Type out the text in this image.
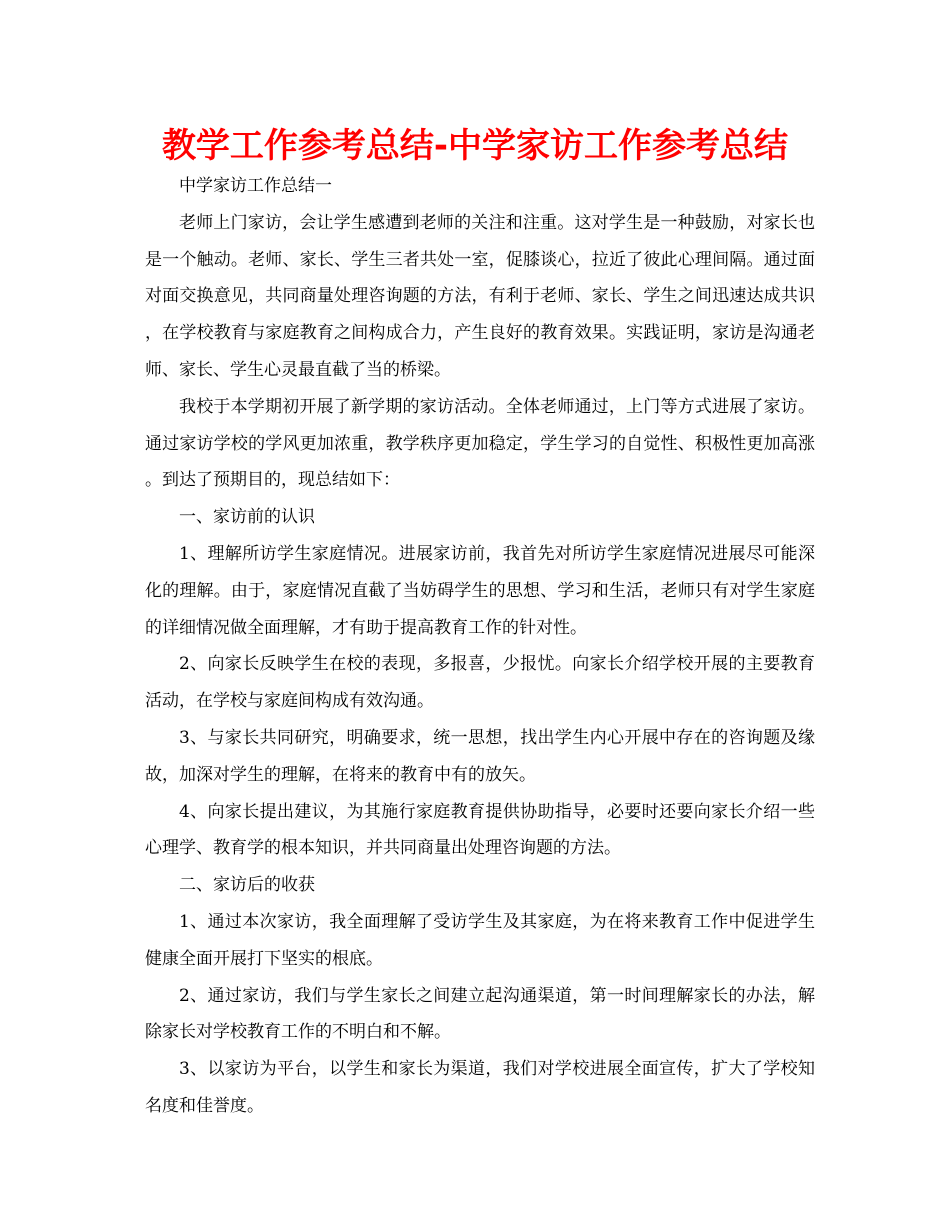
教学工作参考总结-中学家访工作参考总结

中学家访工作总结一

老师上门家访，会让学生感遭到老师的关注和注重。这对学生是一种鼓励，对家长也是一个触动。老师、家长、学生三者共处一室，促膝谈心，拉近了彼此心理间隔。通过面对面交换意见，共同商量处理咨询题的方法，有利于老师、家长、学生之间迅速达成共识，在学校教育与家庭教育之间构成合力，产生良好的教育效果。实践证明，家访是沟通老师、家长、学生心灵最直截了当的桥梁。

我校于本学期初开展了新学期的家访活动。全体老师通过，上门等方式进展了家访。通过家访学校的学风更加浓重，教学秩序更加稳定，学生学习的自觉性、积极性更加高涨。到达了预期目的，现总结如下：

一、家访前的认识

1、理解所访学生家庭情况。进展家访前，我首先对所访学生家庭情况进展尽可能深化的理解。由于，家庭情况直截了当妨碍学生的思想、学习和生活，老师只有对学生家庭的详细情况做全面理解，才有助于提高教育工作的针对性。

2、向家长反映学生在校的表现，多报喜，少报忧。向家长介绍学校开展的主要教育活动，在学校与家庭间构成有效沟通。

3、与家长共同研究，明确要求，统一思想，找出学生内心开展中存在的咨询题及缘故，加深对学生的理解，在将来的教育中有的放矢。

4、向家长提出建议，为其施行家庭教育提供协助指导，必要时还要向家长介绍一些心理学、教育学的根本知识，并共同商量出处理咨询题的方法。

二、家访后的收获

1、通过本次家访，我全面理解了受访学生及其家庭，为在将来教育工作中促进学生健康全面开展打下坚实的根底。

2、通过家访，我们与学生家长之间建立起沟通渠道，第一时间理解家长的办法，解除家长对学校教育工作的不明白和不解。

3、以家访为平台，以学生和家长为渠道，我们对学校进展全面宣传，扩大了学校知名度和佳誉度。
